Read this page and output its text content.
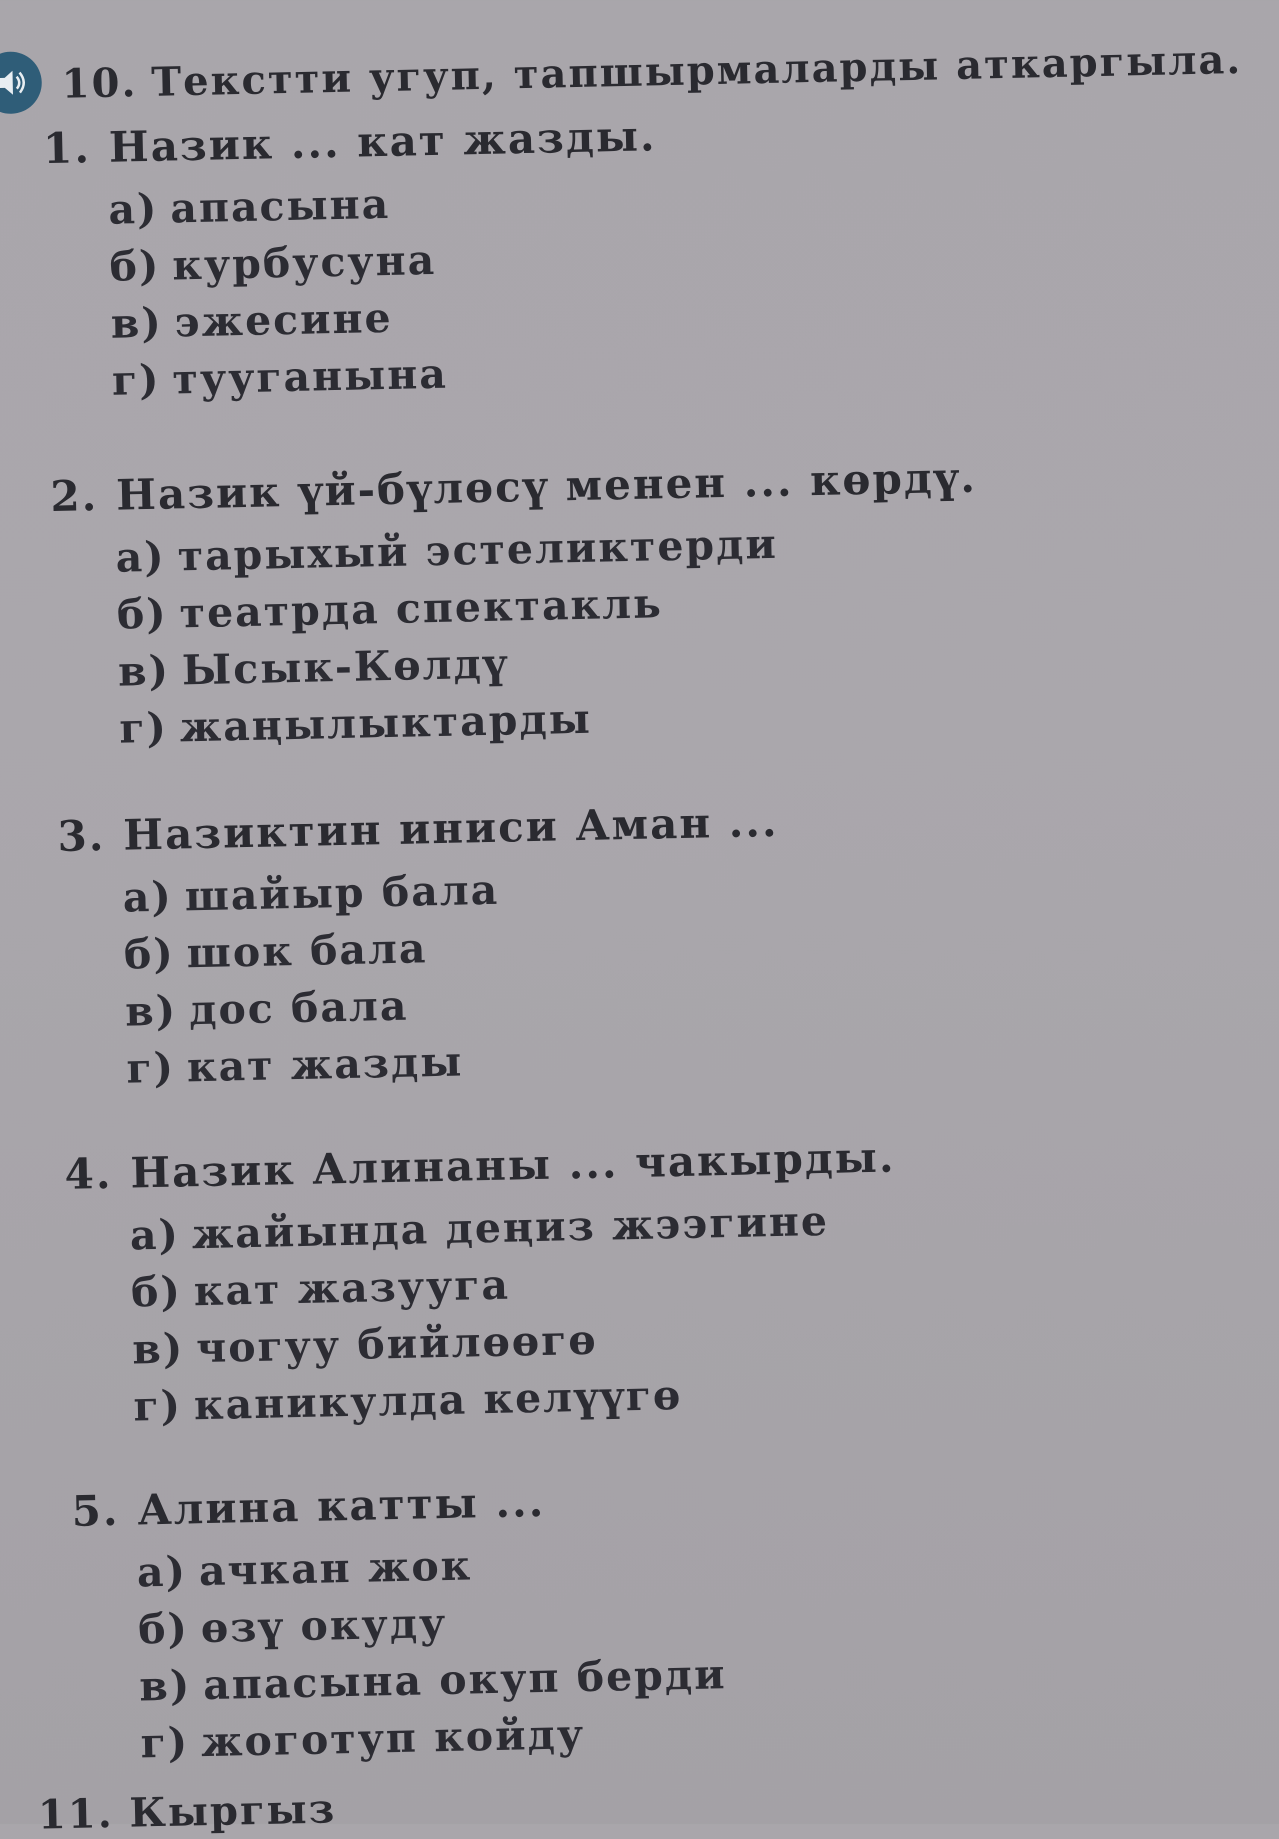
10. Текстти угуп, тапшырмаларды аткаргыла.
1. Назик ... кат жазды.
а) апасына
б) курбусуна
в) эжесине
г) тууганына
2. Назик үй-бүлөсү менен ... көрдү.
а) тарыхый эстеликтерди
б) театрда спектакль
в) Ысык-Көлдү
г) жаңылыктарды
3. Назиктин иниси Аман ...
а) шайыр бала
б) шок бала
в) дос бала
г) кат жазды
4. Назик Алинаны ... чакырды.
а) жайында деңиз жээгине
б) кат жазууга
в) чогуу бийлөөгө
г) каникулда келүүгө
5. Алина катты ...
а) ачкан жок
б) өзү окуду
в) апасына окуп берди
г) жоготуп койду
11. Кыргыз
